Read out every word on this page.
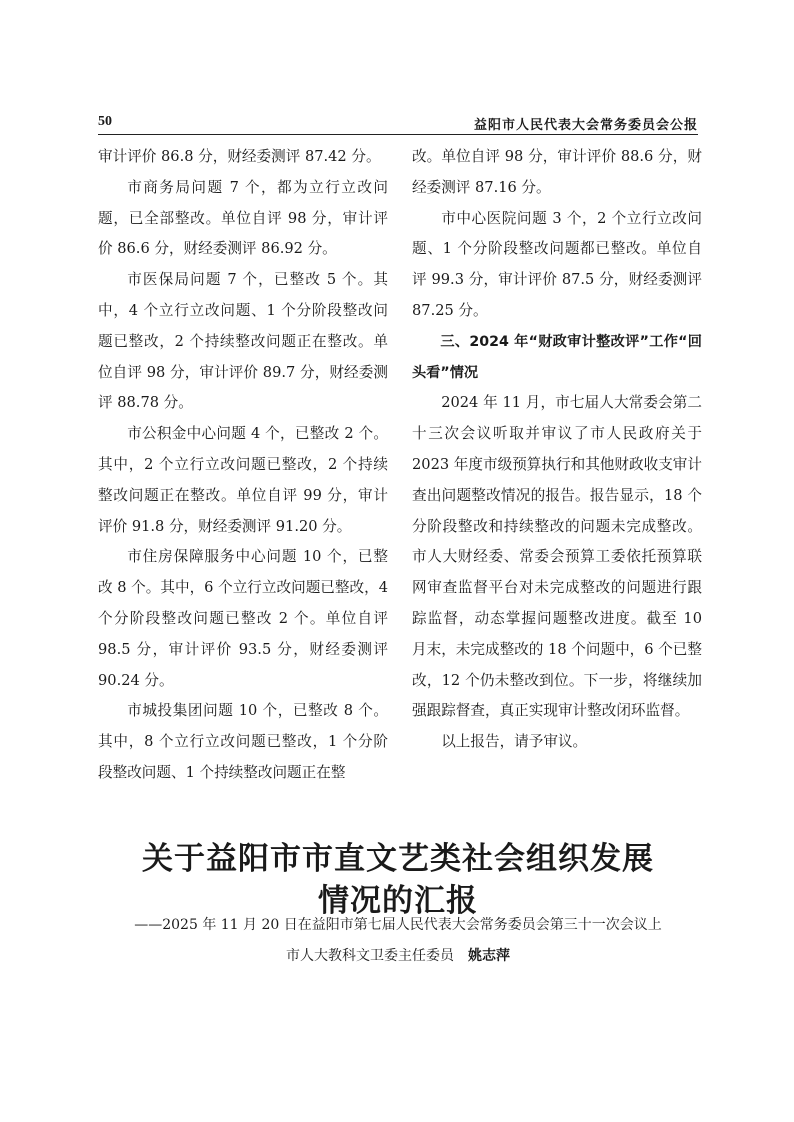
50	益阳市人民代表大会常务委员会公报

审计评价 86.8 分，财经委测评 87.42 分。

市商务局问题 7 个，都为立行立改问题，已全部整改。单位自评 98 分，审计评价 86.6 分，财经委测评 86.92 分。

市医保局问题 7 个，已整改 5 个。其中，4 个立行立改问题、1 个分阶段整改问题已整改，2 个持续整改问题正在整改。单位自评 98 分，审计评价 89.7 分，财经委测评 88.78 分。

市公积金中心问题 4 个，已整改 2 个。其中，2 个立行立改问题已整改，2 个持续整改问题正在整改。单位自评 99 分，审计评价 91.8 分，财经委测评 91.20 分。

市住房保障服务中心问题 10 个，已整改 8 个。其中，6 个立行立改问题已整改，4 个分阶段整改问题已整改 2 个。单位自评 98.5 分，审计评价 93.5 分，财经委测评 90.24 分。

市城投集团问题 10 个，已整改 8 个。其中，8 个立行立改问题已整改，1 个分阶段整改问题、1 个持续整改问题正在整

改。单位自评 98 分，审计评价 88.6 分，财经委测评 87.16 分。

市中心医院问题 3 个，2 个立行立改问题、1 个分阶段整改问题都已整改。单位自评 99.3 分，审计评价 87.5 分，财经委测评 87.25 分。

三、2024 年“财政审计整改评”工作“回头看”情况

2024 年 11 月，市七届人大常委会第二十三次会议听取并审议了市人民政府关于 2023 年度市级预算执行和其他财政收支审计查出问题整改情况的报告。报告显示，18 个分阶段整改和持续整改的问题未完成整改。市人大财经委、常委会预算工委依托预算联网审查监督平台对未完成整改的问题进行跟踪监督，动态掌握问题整改进度。截至 10 月末，未完成整改的 18 个问题中，6 个已整改，12 个仍未整改到位。下一步，将继续加强跟踪督查，真正实现审计整改闭环监督。

以上报告，请予审议。

关于益阳市市直文艺类社会组织发展
情况的汇报
——2025 年 11 月 20 日在益阳市第七届人民代表大会常务委员会第三十一次会议上
市人大教科文卫委主任委员 姚志萍
